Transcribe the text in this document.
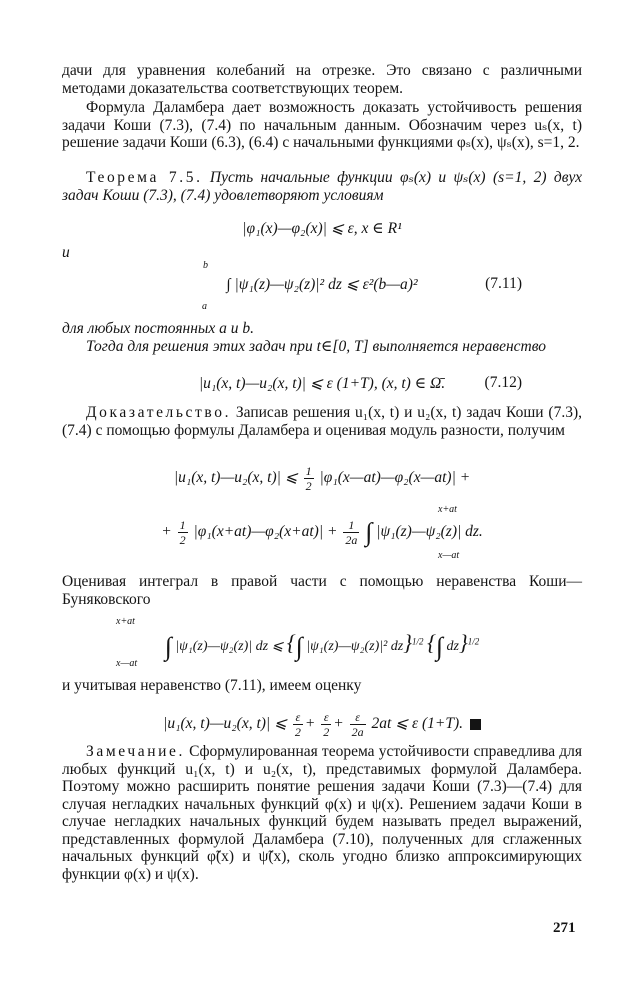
дачи для уравнения колебаний на отрезке. Это связано с различными методами доказательства соответствующих теорем.

Формула Даламбера дает возможность доказать устойчивость решения задачи Коши (7.3), (7.4) по начальным данным. Обозначим через uₛ(x, t) решение задачи Коши (6.3), (6.4) с начальными функциями φₛ(x), ψₛ(x), s=1, 2.

Теорема 7.5. Пусть начальные функции φₛ(x) и ψₛ(x) (s=1, 2) двух задач Коши (7.3), (7.4) удовлетворяют условиям

|φ₁(x)—φ₂(x)| ⩽ ε, x ∈ R¹
и
b
∫ |ψ₁(z)—ψ₂(z)|² dz ⩽ ε²(b—a)²
a
(7.11)

для любых постоянных a и b.

Тогда для решения этих задач при t∈[0, T] выполняется неравенство

|u₁(x, t)—u₂(x, t)| ⩽ ε (1+T), (x, t) ∈ Ω̄.	(7.12)

Доказательство. Записав решения u₁(x, t) и u₂(x, t) задач Коши (7.3), (7.4) с помощью формулы Даламбера и оценивая модуль разности, получим

|u₁(x, t)—u₂(x, t)| ⩽ $\frac{1}{2}$ |φ₁(x—at)—φ₂(x—at)| +
+ $\frac{1}{2}$ |φ₁(x+at)—φ₂(x+at)| + $\frac{1}{2a}$ ∫ |ψ₁(z)—ψ₂(z)| dz.
x+at
x—at

Оценивая интеграл в правой части с помощью неравенства Коши—Буняковского

∫ |ψ₁(z)—ψ₂(z)| dz ⩽ {∫ |ψ₁(z)—ψ₂(z)|² dz}$^{1/2}$ {∫ dz}$^{1/2}$
x+at
x—at

и учитывая неравенство (7.11), имеем оценку

|u₁(x, t)—u₂(x, t)| ⩽ $\frac{\varepsilon}{2} + \frac{\varepsilon}{2} + \frac{\varepsilon}{2a} 2at$ ⩽ ε (1+T).

Замечание. Сформулированная теорема устойчивости справедлива для любых функций u₁(x, t) и u₂(x, t), представимых формулой Даламбера. Поэтому можно расширить понятие решения задачи Коши (7.3)—(7.4) для случая негладких начальных функций φ(x) и ψ(x). Решением задачи Коши в случае негладких начальных функций будем называть предел выражений, представленных формулой Даламбера (7.10), полученных для сглаженных начальных функций φ̃(x) и ψ̃(x), сколь угодно близко аппроксимирующих функции φ(x) и ψ(x).

271
